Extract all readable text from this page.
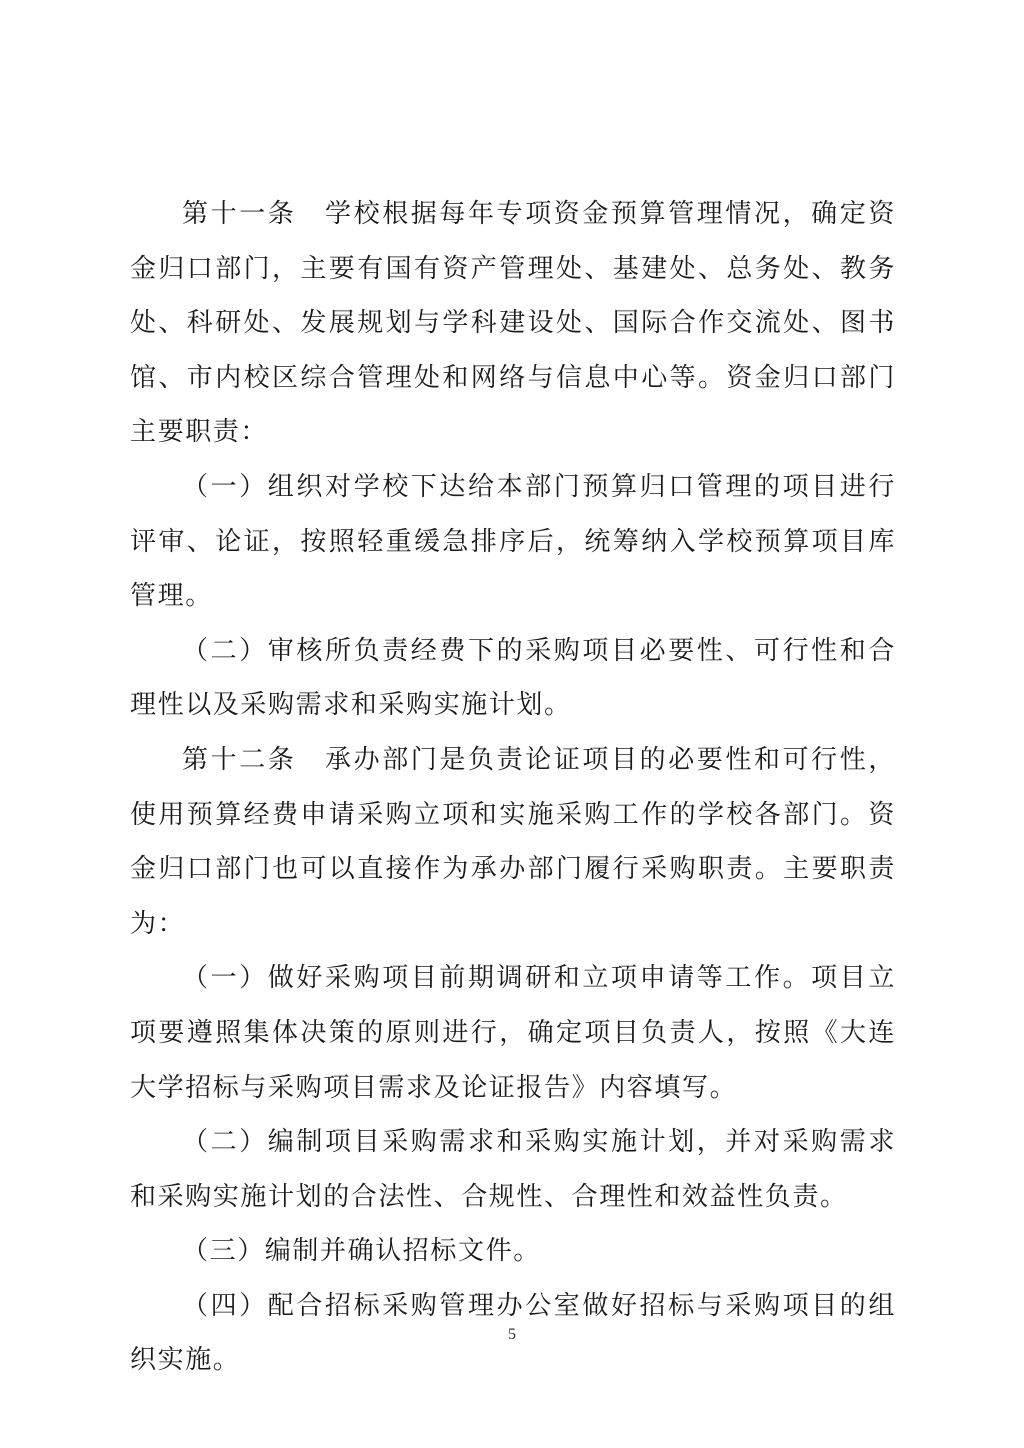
第十一条　学校根据每年专项资金预算管理情况，确定资金归口部门，主要有国有资产管理处、基建处、总务处、教务处、科研处、发展规划与学科建设处、国际合作交流处、图书馆、市内校区综合管理处和网络与信息中心等。资金归口部门主要职责：

（一）组织对学校下达给本部门预算归口管理的项目进行评审、论证，按照轻重缓急排序后，统筹纳入学校预算项目库管理。

（二）审核所负责经费下的采购项目必要性、可行性和合理性以及采购需求和采购实施计划。

第十二条　承办部门是负责论证项目的必要性和可行性，使用预算经费申请采购立项和实施采购工作的学校各部门。资金归口部门也可以直接作为承办部门履行采购职责。主要职责为：

（一）做好采购项目前期调研和立项申请等工作。项目立项要遵照集体决策的原则进行，确定项目负责人，按照《大连大学招标与采购项目需求及论证报告》内容填写。

（二）编制项目采购需求和采购实施计划，并对采购需求和采购实施计划的合法性、合规性、合理性和效益性负责。

（三）编制并确认招标文件。

（四）配合招标采购管理办公室做好招标与采购项目的组织实施。

5
